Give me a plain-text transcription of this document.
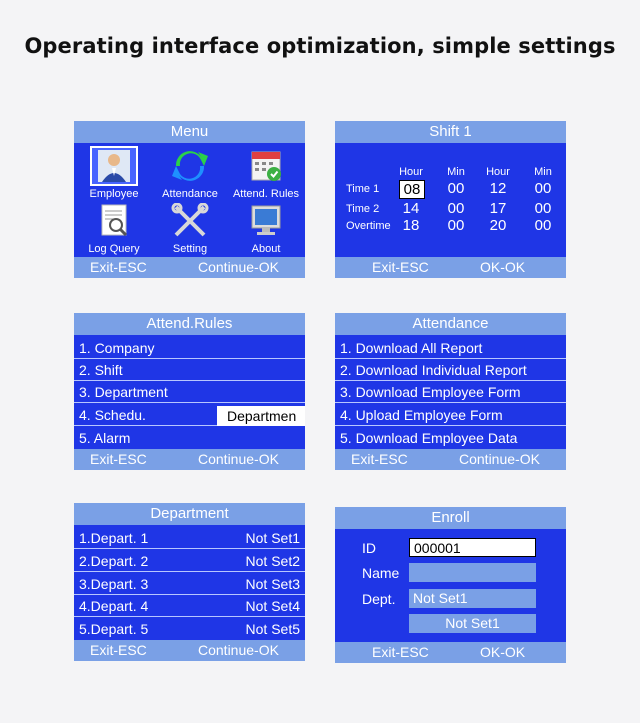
Operating interface optimization, simple settings
Menu
Employee	Attendance	Attend. Rules
Log Query	Setting	About
Exit-ESC	Continue-OK
Shift 1
Hour	Min	Hour	Min
Time 1	08	00	12	00
Time 2	14	00	17	00
Overtime 18	00	20	00
Exit-ESC	OK-OK
Attend.Rules
1. Company
2. Shift
3. Department
4. Schedu.	Departmen
5. Alarm
Exit-ESC	Continue-OK
Attendance
1. Download All Report
2. Download Individual Report
3. Download Employee Form
4. Upload Employee Form
5. Download Employee Data
Exit-ESC	Continue-OK
Department
1.Depart. 1	Not Set1
2.Depart. 2	Not Set2
3.Depart. 3	Not Set3
4.Depart. 4	Not Set4
5.Depart. 5	Not Set5
Exit-ESC	Continue-OK
Enroll
ID	000001
Name
Dept. Not Set1
Not Set1
Exit-ESC	OK-OK
